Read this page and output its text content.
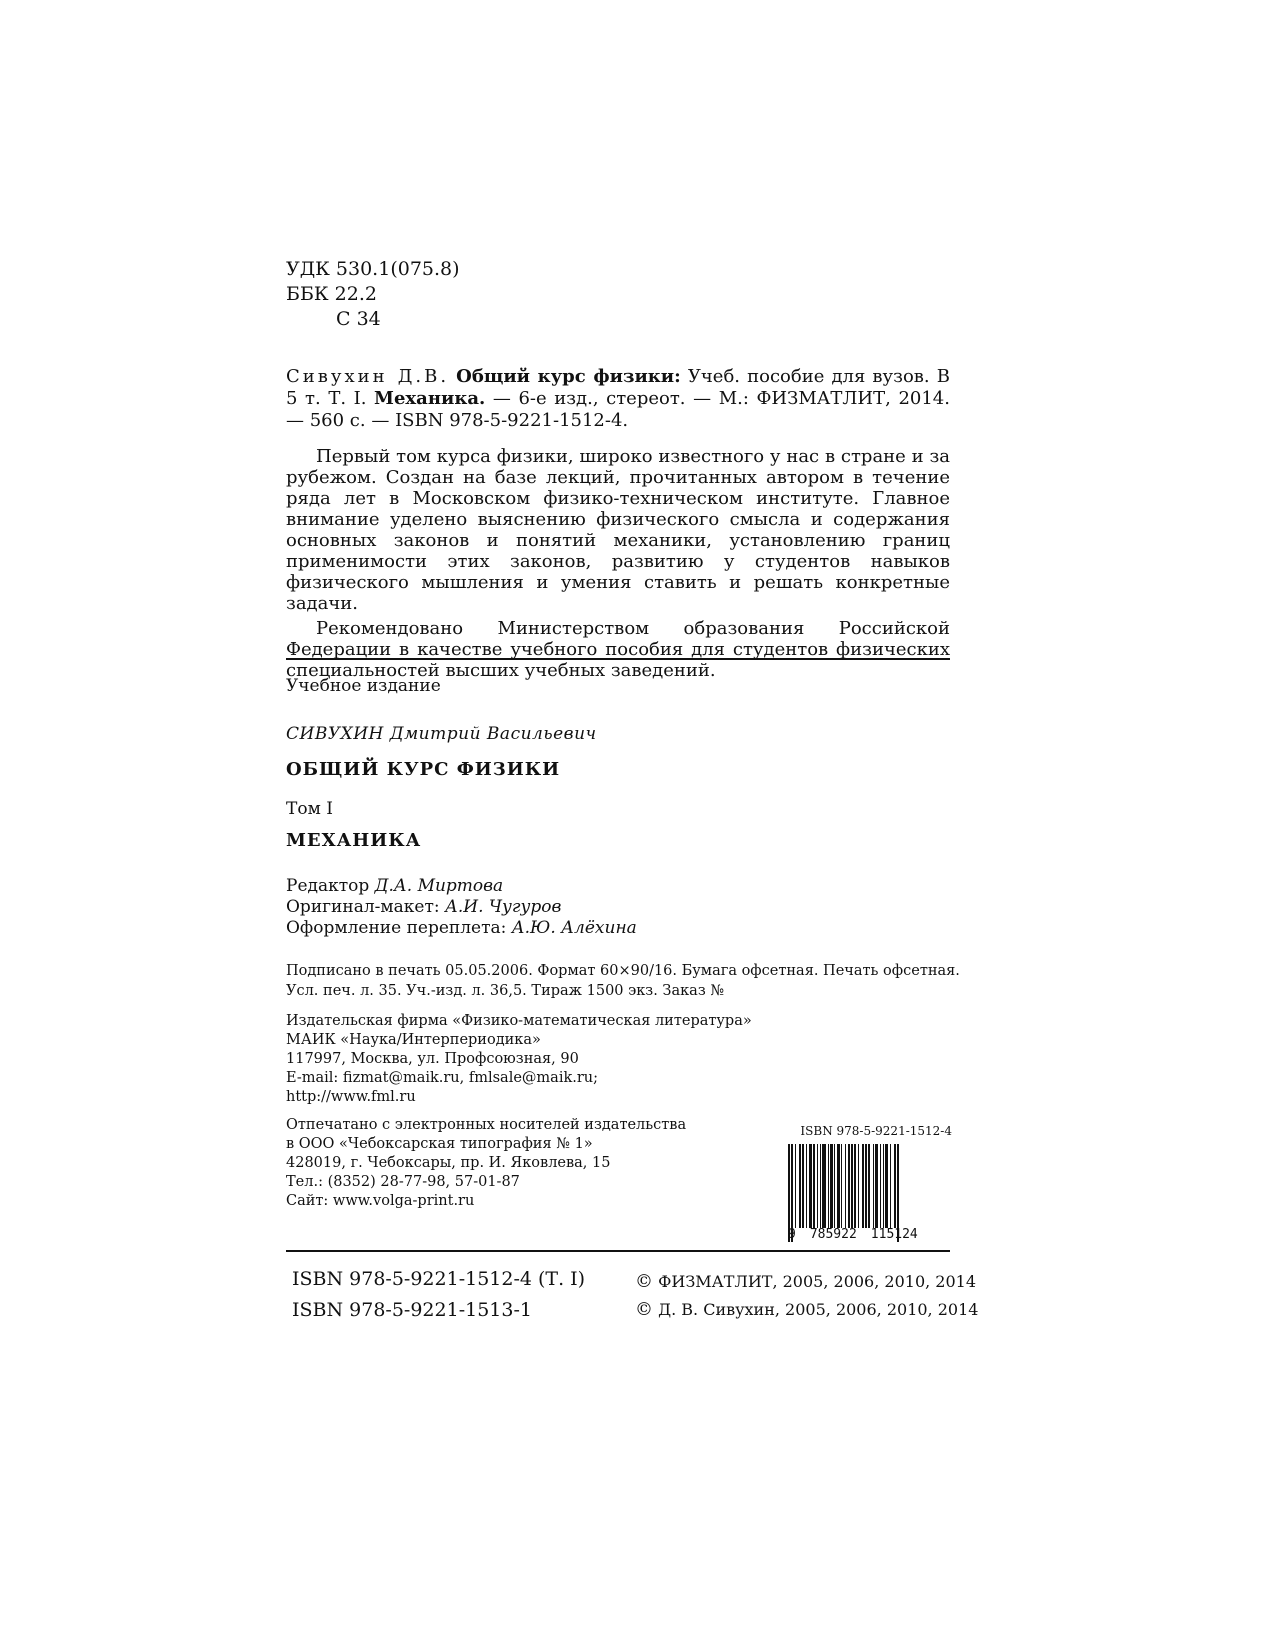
УДК 530.1(075.8)
ББК 22.2
С 34
Сивухин Д.В. Общий курс физики: Учеб. пособие для вузов. В 5 т. Т. I. Механика. — 6-е изд., стереот. — М.: ФИЗМАТЛИТ, 2014. — 560 с. — ISBN 978-5-9221-1512-4.

Первый том курса физики, широко известного у нас в стране и за рубежом. Создан на базе лекций, прочитанных автором в течение ряда лет в Московском физико-техническом институте. Главное внимание уделено выяснению физического смысла и содержания основных законов и понятий механики, установлению границ применимости этих законов, развитию у студентов навыков физического мышления и умения ставить и решать конкретные задачи.

Рекомендовано Министерством образования Российской Федерации в качестве учебного пособия для студентов физических специальностей высших учебных заведений.

Учебное издание
СИВУХИН Дмитрий Васильевич
ОБЩИЙ КУРС ФИЗИКИ
Том I
МЕХАНИКА
Редактор Д.А. Миртова
Оригинал-макет: А.И. Чугуров
Оформление переплета: А.Ю. Алёхина
Подписано в печать 05.05.2006. Формат 60×90/16. Бумага офсетная. Печать офсетная.
Усл. печ. л. 35. Уч.-изд. л. 36,5. Тираж 1500 экз. Заказ №
Издательская фирма «Физико-математическая литература»
МАИК «Наука/Интерпериодика»
117997, Москва, ул. Профсоюзная, 90
E-mail: fizmat@maik.ru, fmlsale@maik.ru;
http://www.fml.ru
Отпечатано с электронных носителей издательства
в ООО «Чебоксарская типография № 1»
428019, г. Чебоксары, пр. И. Яковлева, 15
Тел.: (8352) 28-77-98, 57-01-87
Сайт: www.volga-print.ru
ISBN 978-5-9221-1512-4
9 785922 115124
ISBN 978-5-9221-1512-4 (Т. I)
ISBN 978-5-9221-1513-1
© ФИЗМАТЛИТ, 2005, 2006, 2010, 2014
© Д. В. Сивухин, 2005, 2006, 2010, 2014
